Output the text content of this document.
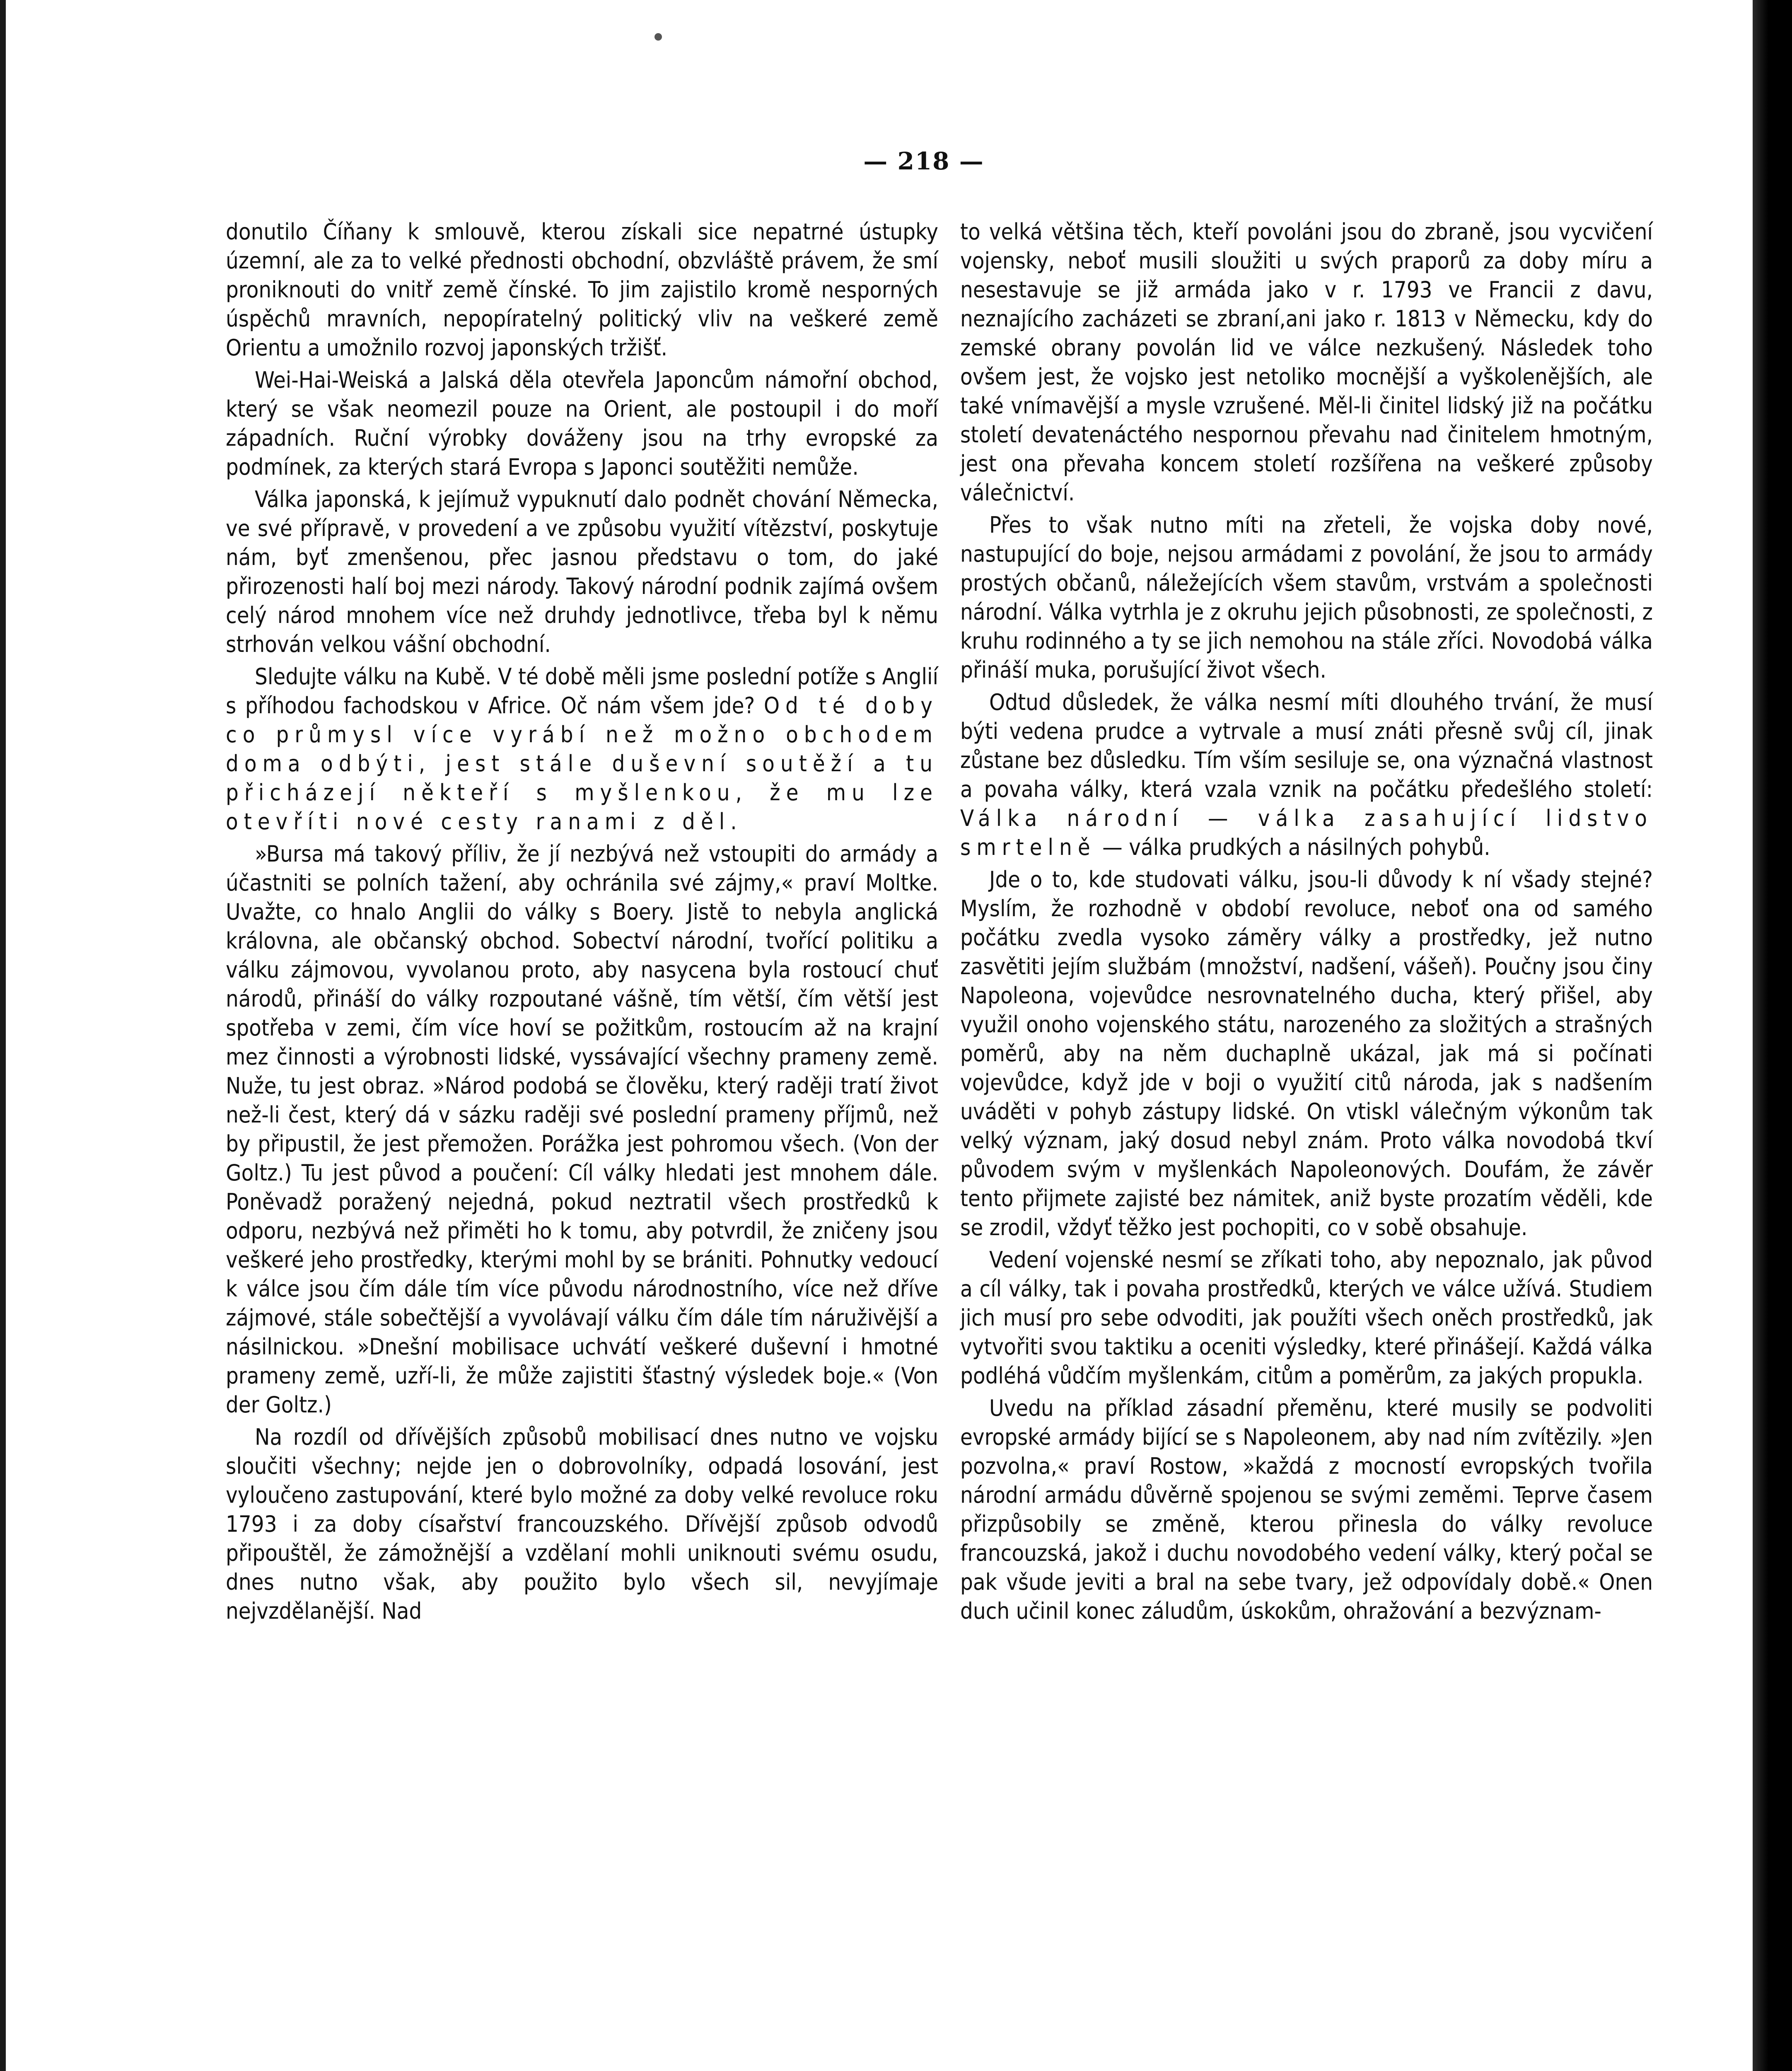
— 218 —

donutilo Číňany k smlouvě, kterou získali sice nepatrné ústupky územní, ale za to velké přednosti obchodní, obzvláště právem, že smí proniknouti do vnitř země čínské. To jim zajistilo kromě nesporných úspěchů mravních, nepopíratelný politický vliv na veškeré země Orientu a umožnilo rozvoj japonských tržišť.

Wei-Hai-Weiská a Jalská děla otevřela Japoncům námořní obchod, který se však neomezil pouze na Orient, ale postoupil i do moří západních. Ruční výrobky dováženy jsou na trhy evropské za podmínek, za kterých stará Evropa s Japonci soutěžiti nemůže.

Válka japonská, k jejímuž vypuknutí dalo podnět chování Německa, ve své přípravě, v provedení a ve způsobu využití vítězství, poskytuje nám, byť zmenšenou, přec jasnou představu o tom, do jaké přirozenosti halí boj mezi národy. Takový národní podnik zajímá ovšem celý národ mnohem více než druhdy jednotlivce, třeba byl k němu strhován velkou vášní obchodní.

Sledujte válku na Kubě. V té době měli jsme poslední potíže s Anglií s příhodou fachodskou v Africe. Oč nám všem jde? Od té doby co průmysl více vyrábí než možno obchodem doma odbýti, jest stále duševní soutěží a tu přicházejí někteří s myšlenkou, že mu lze otevříti nové cesty ranami z děl.

»Bursa má takový příliv, že jí nezbývá než vstoupiti do armády a účastniti se polních tažení, aby ochránila své zájmy,« praví Moltke. Uvažte, co hnalo Anglii do války s Boery. Jistě to nebyla anglická královna, ale občanský obchod. Sobectví národní, tvořící politiku a válku zájmovou, vyvolanou proto, aby nasycena byla rostoucí chuť národů, přináší do války rozpoutané vášně, tím větší, čím větší jest spotřeba v zemi, čím více hoví se požitkům, rostoucím až na krajní mez činnosti a výrobnosti lidské, vyssávající všechny prameny země. Nuže, tu jest obraz. »Národ podobá se člověku, který raději tratí život než-li čest, který dá v sázku raději své poslední prameny příjmů, než by připustil, že jest přemožen. Porážka jest pohromou všech. (Von der Goltz.) Tu jest původ a poučení: Cíl války hledati jest mnohem dále. Poněvadž poražený nejedná, pokud neztratil všech prostředků k odporu, nezbývá než přiměti ho k tomu, aby potvrdil, že zničeny jsou veškeré jeho prostředky, kterými mohl by se brániti. Pohnutky vedoucí k válce jsou čím dále tím více původu národnostního, více než dříve zájmové, stále sobečtější a vyvolávají válku čím dále tím náruživější a násilnickou. »Dnešní mobilisace uchvátí veškeré duševní i hmotné prameny země, uzří-li, že může zajistiti šťastný výsledek boje.« (Von der Goltz.)

Na rozdíl od dřívějších způsobů mobilisací dnes nutno ve vojsku sloučiti všechny; nejde jen o dobrovolníky, odpadá losování, jest vyloučeno zastupování, které bylo možné za doby velké revoluce roku 1793 i za doby císařství francouzského. Dřívější způsob odvodů připouštěl, že zámožnější a vzdělaní mohli uniknouti svému osudu, dnes nutno však, aby použito bylo všech sil, nevyjímaje nejvzdělanější. Nad

to velká většina těch, kteří povoláni jsou do zbraně, jsou vycvičení vojensky, neboť musili sloužiti u svých praporů za doby míru a nesestavuje se již armáda jako v r. 1793 ve Francii z davu, neznajícího zacházeti se zbraní,ani jako r. 1813 v Německu, kdy do zemské obrany povolán lid ve válce nezkušený. Následek toho ovšem jest, že vojsko jest netoliko mocnější a vyškolenějších, ale také vnímavější a mysle vzrušené. Měl-li činitel lidský již na počátku století devatenáctého nespornou převahu nad činitelem hmotným, jest ona převaha koncem století rozšířena na veškeré způsoby válečnictví.

Přes to však nutno míti na zřeteli, že vojska doby nové, nastupující do boje, nejsou armádami z povolání, že jsou to armády prostých občanů, náležejících všem stavům, vrstvám a společnosti národní. Válka vytrhla je z okruhu jejich působnosti, ze společnosti, z kruhu rodinného a ty se jich nemohou na stále zříci. Novodobá válka přináší muka, porušující život všech.

Odtud důsledek, že válka nesmí míti dlouhého trvání, že musí býti vedena prudce a vytrvale a musí znáti přesně svůj cíl, jinak zůstane bez důsledku. Tím vším sesiluje se, ona význačná vlastnost a povaha války, která vzala vznik na počátku předešlého století: Válka národní — válka zasahující lidstvo smrtelně — válka prudkých a násilných pohybů.

Jde o to, kde studovati válku, jsou-li důvody k ní všady stejné? Myslím, že rozhodně v období revoluce, neboť ona od samého počátku zvedla vysoko záměry války a prostředky, jež nutno zasvětiti jejím službám (množství, nadšení, vášeň). Poučny jsou činy Napoleona, vojevůdce nesrovnatelného ducha, který přišel, aby využil onoho vojenského státu, narozeného za složitých a strašných poměrů, aby na něm duchaplně ukázal, jak má si počínati vojevůdce, když jde v boji o využití citů národa, jak s nadšením uváděti v pohyb zástupy lidské. On vtiskl válečným výkonům tak velký význam, jaký dosud nebyl znám. Proto válka novodobá tkví původem svým v myšlenkách Napoleonových. Doufám, že závěr tento přijmete zajisté bez námitek, aniž byste prozatím věděli, kde se zrodil, vždyť těžko jest pochopiti, co v sobě obsahuje.

Vedení vojenské nesmí se zříkati toho, aby nepoznalo, jak původ a cíl války, tak i povaha prostředků, kterých ve válce užívá. Studiem jich musí pro sebe odvoditi, jak použíti všech oněch prostředků, jak vytvořiti svou taktiku a oceniti výsledky, které přinášejí. Každá válka podléhá vůdčím myšlenkám, citům a poměrům, za jakých propukla.

Uvedu na příklad zásadní přeměnu, které musily se podvoliti evropské armády bijící se s Napoleonem, aby nad ním zvítězily. »Jen pozvolna,« praví Rostow, »každá z mocností evropských tvořila národní armádu důvěrně spojenou se svými zeměmi. Teprve časem přizpůsobily se změně, kterou přinesla do války revoluce francouzská, jakož i duchu novodobého vedení války, který počal se pak všude jeviti a bral na sebe tvary, jež odpovídaly době.« Onen duch učinil konec záludům, úskokům, ohražování a bezvýznam-
